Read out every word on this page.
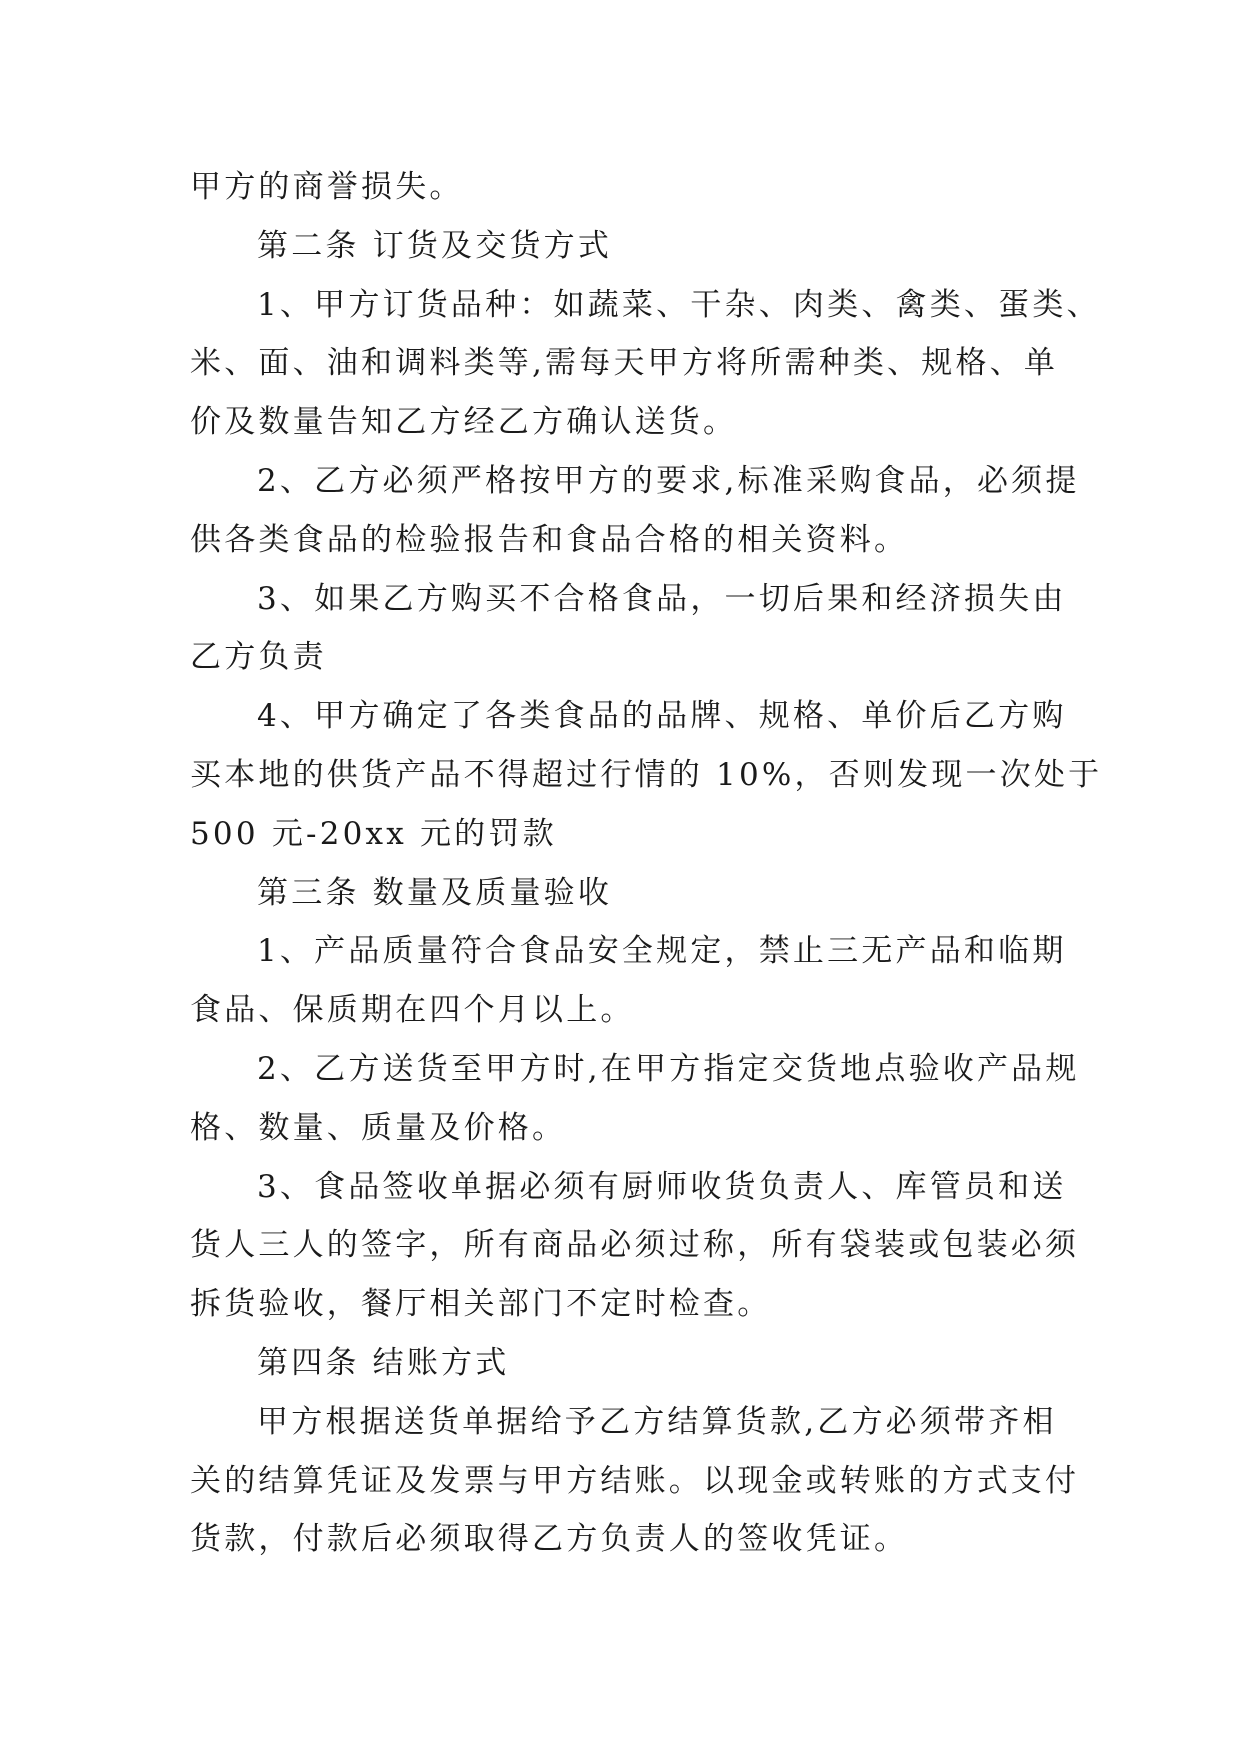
甲方的商誉损失。

第二条 订货及交货方式

1、甲方订货品种：如蔬菜、干杂、肉类、禽类、蛋类、

米、面、油和调料类等,需每天甲方将所需种类、规格、单

价及数量告知乙方经乙方确认送货。

2、乙方必须严格按甲方的要求,标准采购食品，必须提

供各类食品的检验报告和食品合格的相关资料。

3、如果乙方购买不合格食品，一切后果和经济损失由

乙方负责

4、甲方确定了各类食品的品牌、规格、单价后乙方购

买本地的供货产品不得超过行情的 10%，否则发现一次处于

500 元-20xx 元的罚款

第三条 数量及质量验收

1、产品质量符合食品安全规定，禁止三无产品和临期

食品、保质期在四个月以上。

2、乙方送货至甲方时,在甲方指定交货地点验收产品规

格、数量、质量及价格。

3、食品签收单据必须有厨师收货负责人、库管员和送

货人三人的签字，所有商品必须过称，所有袋装或包装必须

拆货验收，餐厅相关部门不定时检查。

第四条 结账方式

甲方根据送货单据给予乙方结算货款,乙方必须带齐相

关的结算凭证及发票与甲方结账。以现金或转账的方式支付

货款，付款后必须取得乙方负责人的签收凭证。
